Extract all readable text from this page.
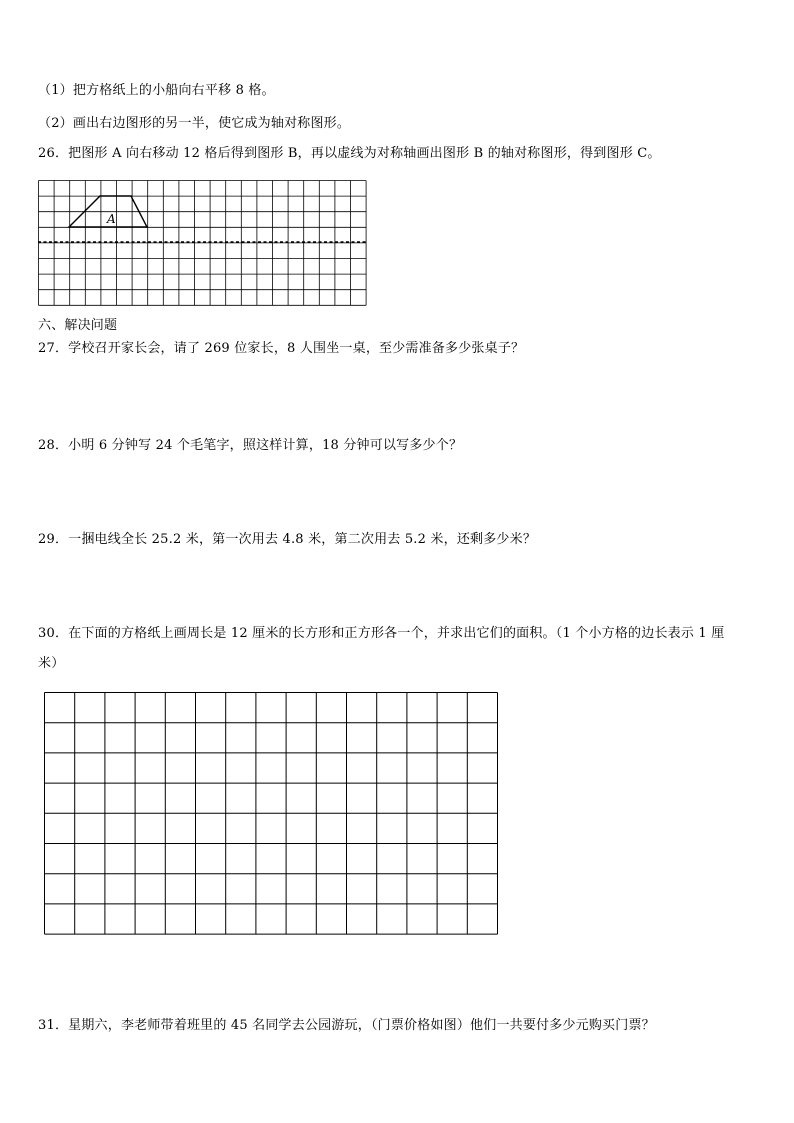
（1）把方格纸上的小船向右平移 8 格。
（2）画出右边图形的另一半，使它成为轴对称图形。
26．把图形 A 向右移动 12 格后得到图形 B，再以虚线为对称轴画出图形 B 的轴对称图形，得到图形 C。
A
六、解决问题
27．学校召开家长会，请了 269 位家长，8 人围坐一桌，至少需准备多少张桌子？
28．小明 6 分钟写 24 个毛笔字，照这样计算，18 分钟可以写多少个？
29．一捆电线全长 25.2 米，第一次用去 4.8 米，第二次用去 5.2 米，还剩多少米？
30．在下面的方格纸上画周长是 12 厘米的长方形和正方形各一个，并求出它们的面积。（1 个小方格的边长表示 1 厘
米）
31．星期六，李老师带着班里的 45 名同学去公园游玩，（门票价格如图）他们一共要付多少元购买门票？
